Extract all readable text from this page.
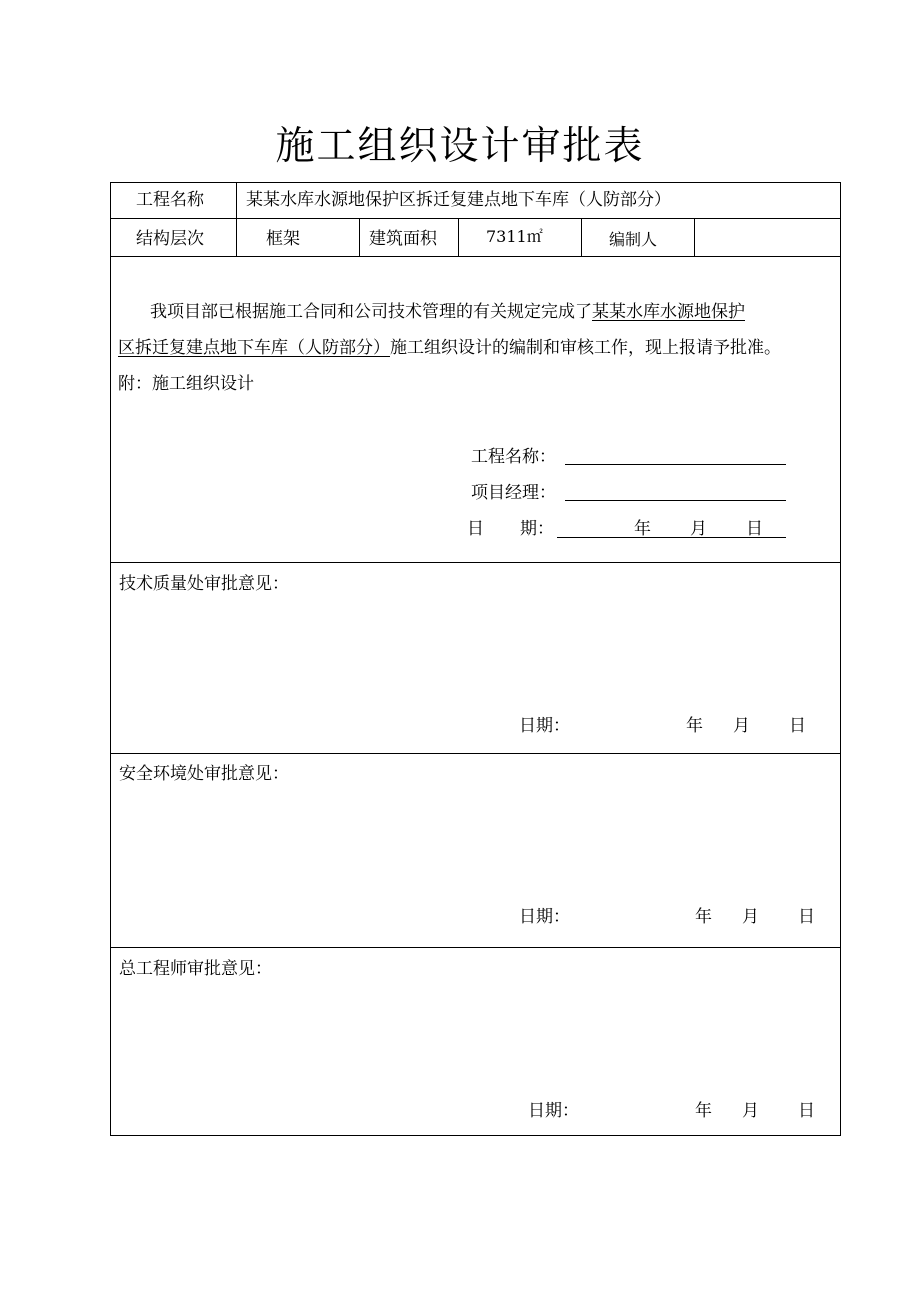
施工组织设计审批表
工程名称 某某水库水源地保护区拆迁复建点地下车库（人防部分）
结构层次	框架	建筑面积	7311㎡	编制人
我项目部已根据施工合同和公司技术管理的有关规定完成了某某水库水源地保护
区拆迁复建点地下车库（人防部分）施工组织设计的编制和审核工作，现上报请予批准。
附：施工组织设计
工程名称：
项目经理：
日 期：	年 月 日
技术质量处审批意见：
日期：	年 月 日
安全环境处审批意见：
日期：	年 月 日
总工程师审批意见：
日期：	年 月 日
